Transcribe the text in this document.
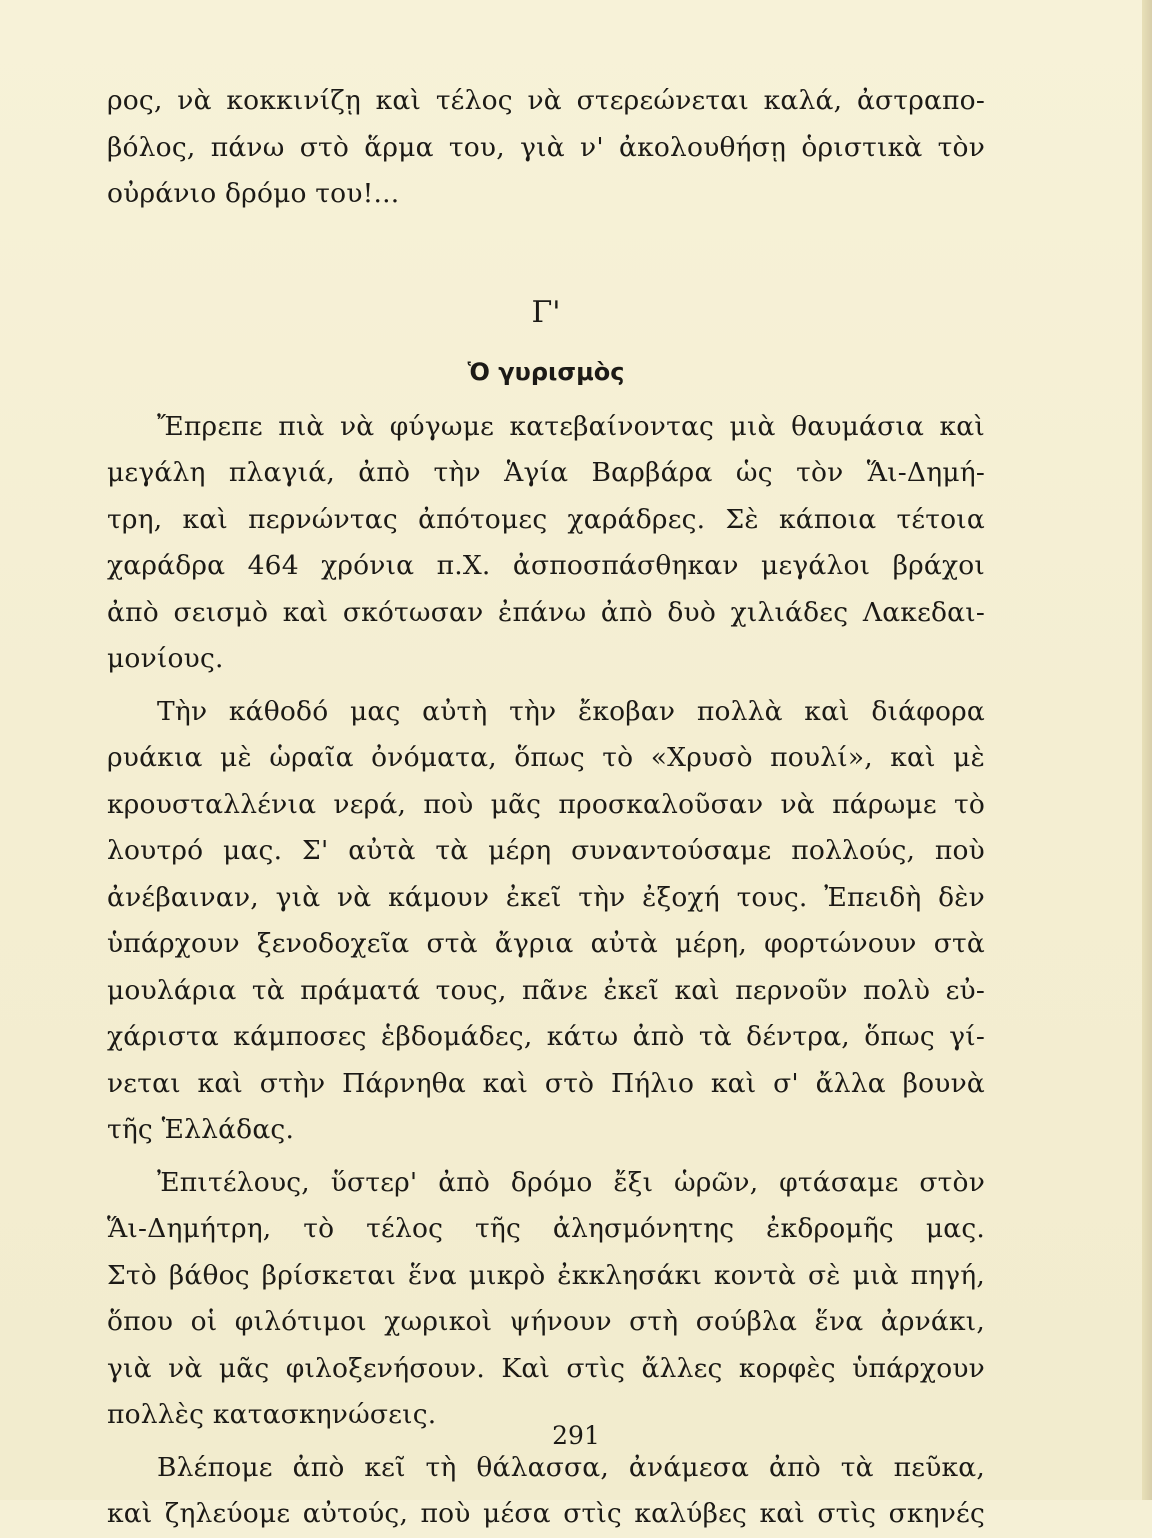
ρος, νὰ κοκκινίζῃ καὶ τέλος νὰ στερεώνεται καλά, ἀστραπο-
βόλος, πάνω στὸ ἅρμα του, γιὰ ν' ἀκολουθήσῃ ὁριστικὰ τὸν
οὐράνιο δρόμο του!...
Γ'
Ὁ γυρισμὸς
Ἔπρεπε πιὰ νὰ φύγωμε κατεβαίνοντας μιὰ θαυμάσια καὶ
μεγάλη πλαγιά, ἀπὸ τὴν Ἁγία Βαρβάρα ὡς τὸν Ἅι-Δημή-
τρη, καὶ περνώντας ἀπότομες χαράδρες. Σὲ κάποια τέτοια
χαράδρα 464 χρόνια π.Χ. ἀσποσπάσθηκαν μεγάλοι βράχοι
ἀπὸ σεισμὸ καὶ σκότωσαν ἐπάνω ἀπὸ δυὸ χιλιάδες Λακεδαι-
μονίους.
Τὴν κάθοδό μας αὐτὴ τὴν ἔκοβαν πολλὰ καὶ διάφορα
ρυάκια μὲ ὡραῖα ὀνόματα, ὅπως τὸ «Χρυσὸ πουλί», καὶ μὲ
κρουσταλλένια νερά, ποὺ μᾶς προσκαλοῦσαν νὰ πάρωμε τὸ
λουτρό μας. Σ' αὐτὰ τὰ μέρη συναντούσαμε πολλούς, ποὺ
ἀνέβαιναν, γιὰ νὰ κάμουν ἐκεῖ τὴν ἐξοχή τους. Ἐπειδὴ δὲν
ὑπάρχουν ξενοδοχεῖα στὰ ἄγρια αὐτὰ μέρη, φορτώνουν στὰ
μουλάρια τὰ πράματά τους, πᾶνε ἐκεῖ καὶ περνοῦν πολὺ εὐ-
χάριστα κάμποσες ἑβδομάδες, κάτω ἀπὸ τὰ δέντρα, ὅπως γί-
νεται καὶ στὴν Πάρνηθα καὶ στὸ Πήλιο καὶ σ' ἄλλα βουνὰ
τῆς Ἑλλάδας.
Ἐπιτέλους, ὕστερ' ἀπὸ δρόμο ἔξι ὡρῶν, φτάσαμε στὸν
Ἅι-Δημήτρη, τὸ τέλος τῆς ἀλησμόνητης ἐκδρομῆς μας.
Στὸ βάθος βρίσκεται ἕνα μικρὸ ἐκκλησάκι κοντὰ σὲ μιὰ πηγή,
ὅπου οἱ φιλότιμοι χωρικοὶ ψήνουν στὴ σούβλα ἕνα ἀρνάκι,
γιὰ νὰ μᾶς φιλοξενήσουν. Καὶ στὶς ἄλλες κορφὲς ὑπάρχουν
πολλὲς κατασκηνώσεις.
Βλέπομε ἀπὸ κεῖ τὴ θάλασσα, ἀνάμεσα ἀπὸ τὰ πεῦκα,
καὶ ζηλεύομε αὐτούς, ποὺ μέσα στὶς καλύβες καὶ στὶς σκηνές
291
